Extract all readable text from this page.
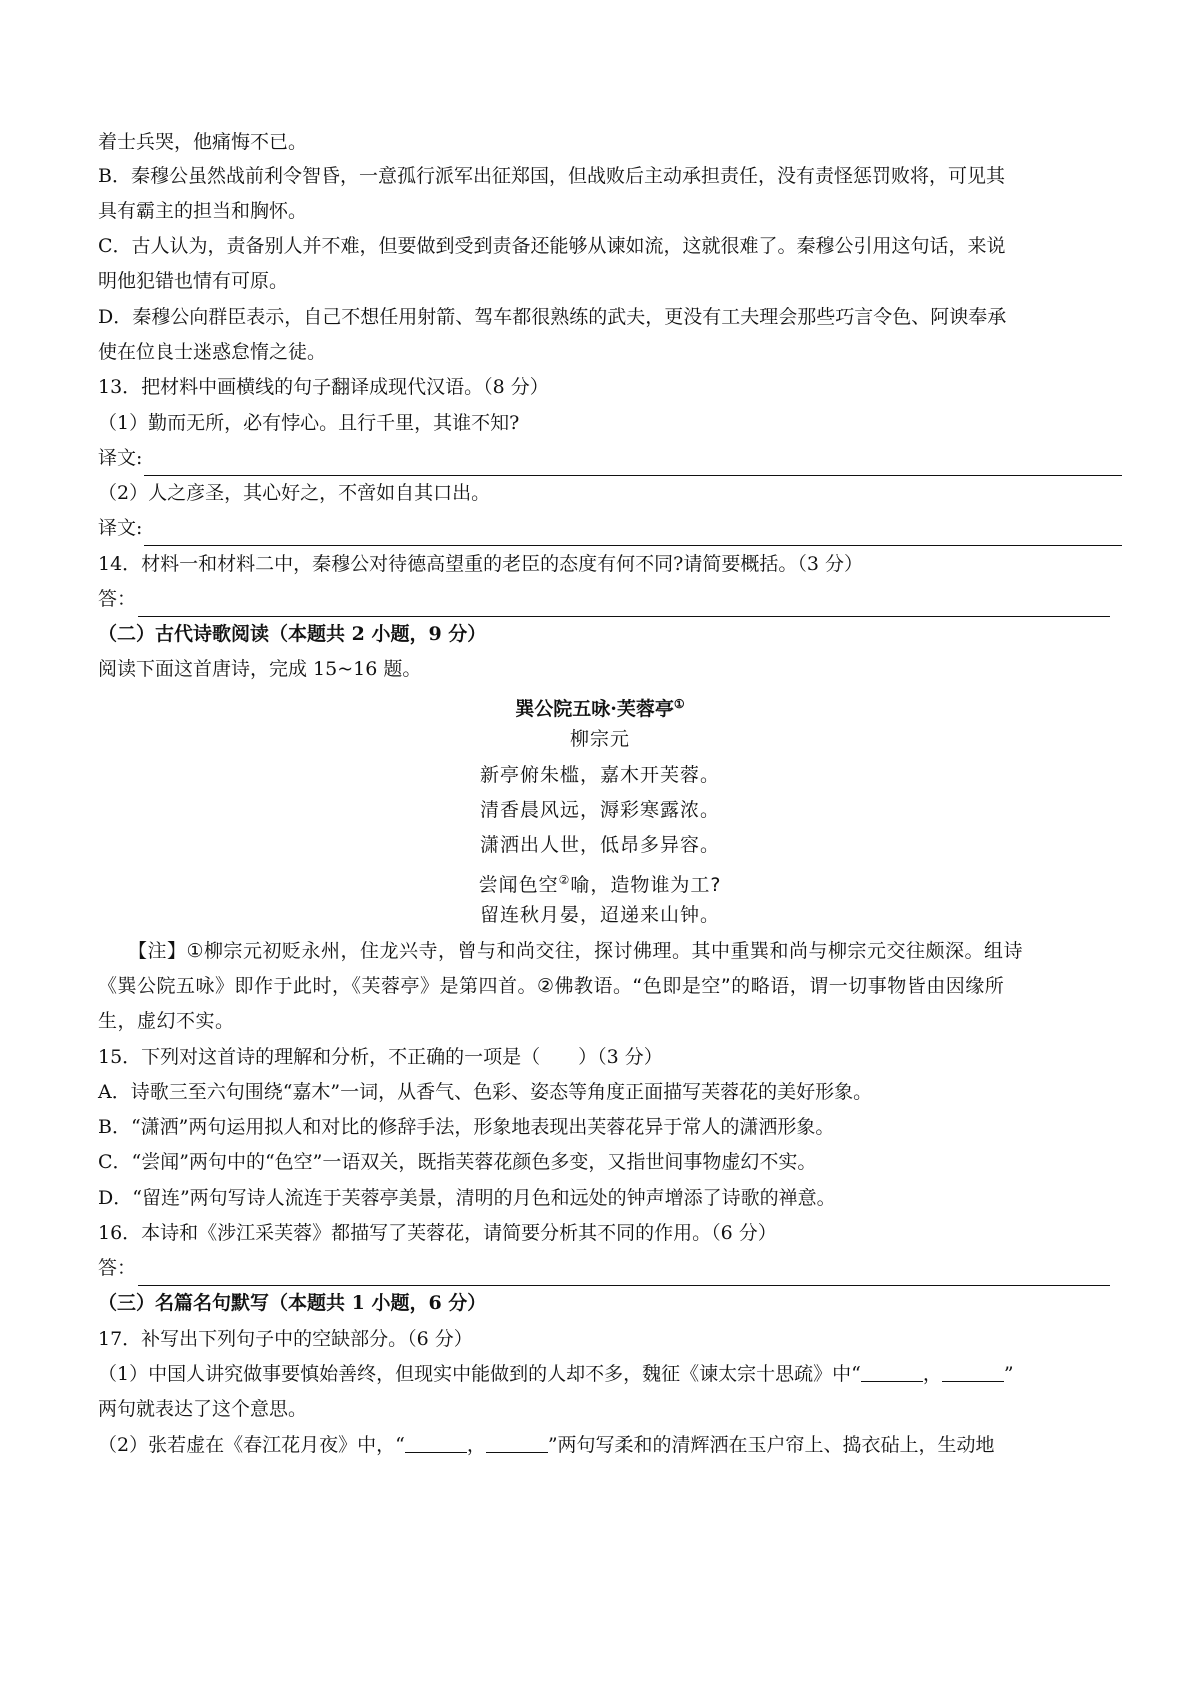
着士兵哭，他痛悔不已。
B．秦穆公虽然战前利令智昏，一意孤行派军出征郑国，但战败后主动承担责任，没有责怪惩罚败将，可见其
具有霸主的担当和胸怀。
C．古人认为，责备别人并不难，但要做到受到责备还能够从谏如流，这就很难了。秦穆公引用这句话，来说
明他犯错也情有可原。
D．秦穆公向群臣表示，自己不想任用射箭、驾车都很熟练的武夫，更没有工夫理会那些巧言令色、阿谀奉承
使在位良士迷惑怠惰之徒。
13．把材料中画横线的句子翻译成现代汉语。（8 分）
（1）勤而无所，必有悖心。且行千里，其谁不知?
译文:
（2）人之彦圣，其心好之，不啻如自其口出。
译文:
14．材料一和材料二中，秦穆公对待德高望重的老臣的态度有何不同?请简要概括。（3 分）
答：
（二）古代诗歌阅读（本题共 2 小题，9 分）
阅读下面这首唐诗，完成 15~16 题。
巽公院五咏·芙蓉亭①
柳宗元
新亭俯朱槛，嘉木开芙蓉。
清香晨风远，溽彩寒露浓。
潇洒出人世，低昂多异容。
尝闻色空②喻，造物谁为工?
留连秋月晏，迢递来山钟。
【注】①柳宗元初贬永州，住龙兴寺，曾与和尚交往，探讨佛理。其中重巽和尚与柳宗元交往颇深。组诗
《巽公院五咏》即作于此时，《芙蓉亭》是第四首。②佛教语。“色即是空”的略语，谓一切事物皆由因缘所
生，虚幻不实。
15．下列对这首诗的理解和分析，不正确的一项是（　　）（3 分）
A．诗歌三至六句围绕“嘉木”一词，从香气、色彩、姿态等角度正面描写芙蓉花的美好形象。
B．“潇洒”两句运用拟人和对比的修辞手法，形象地表现出芙蓉花异于常人的潇洒形象。
C．“尝闻”两句中的“色空”一语双关，既指芙蓉花颜色多变，又指世间事物虚幻不实。
D．“留连”两句写诗人流连于芙蓉亭美景，清明的月色和远处的钟声增添了诗歌的禅意。
16．本诗和《涉江采芙蓉》都描写了芙蓉花，请简要分析其不同的作用。（6 分）
答：
（三）名篇名句默写（本题共 1 小题，6 分）
17．补写出下列句子中的空缺部分。（6 分）
（1）中国人讲究做事要慎始善终，但现实中能做到的人却不多，魏征《谏太宗十思疏》中“	，	”
两句就表达了这个意思。
（2）张若虚在《春江花月夜》中，“	，	”两句写柔和的清辉洒在玉户帘上、捣衣砧上，生动地
